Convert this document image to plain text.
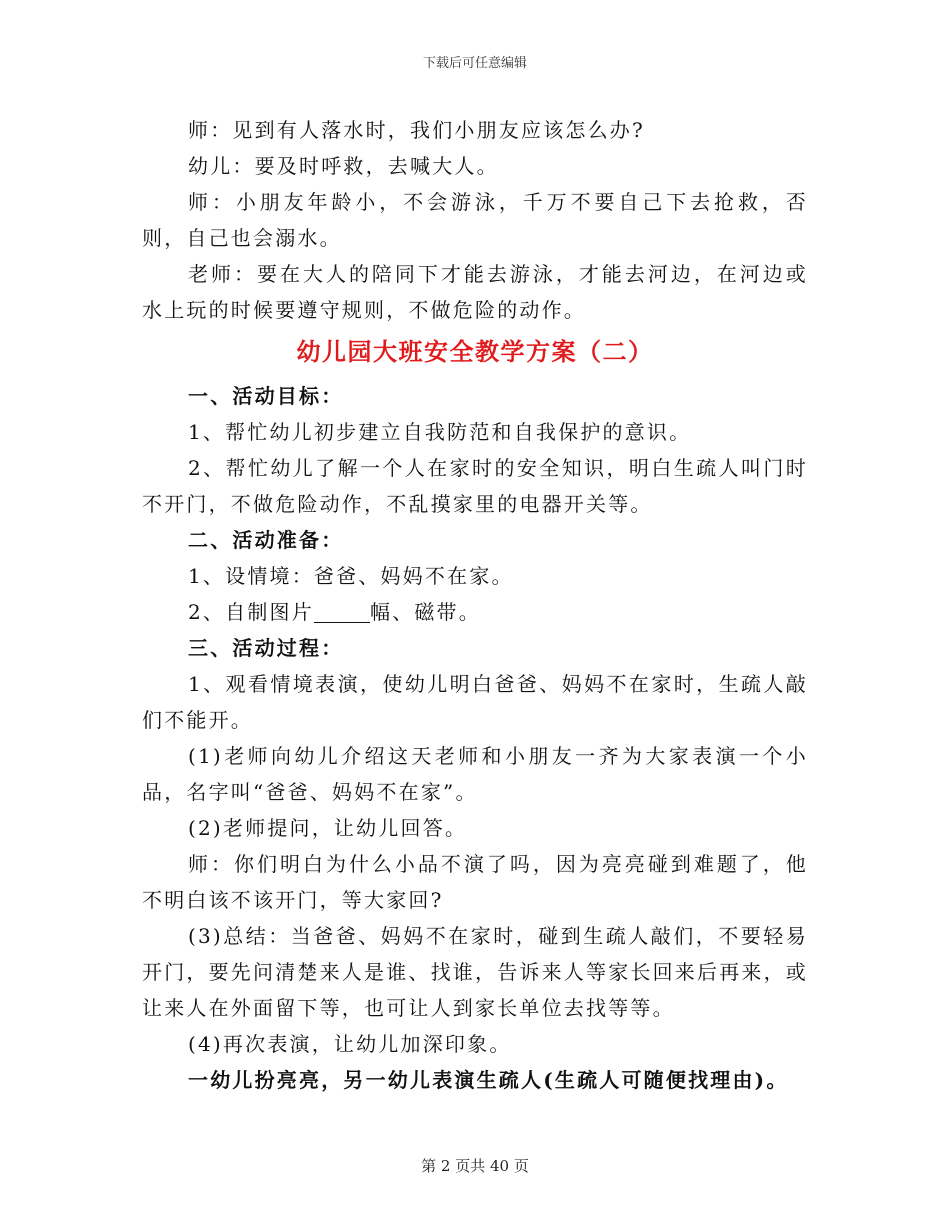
下载后可任意编辑

师：见到有人落水时，我们小朋友应该怎么办?

幼儿：要及时呼救，去喊大人。

师：小朋友年龄小，不会游泳，千万不要自己下去抢救，否则，自己也会溺水。

老师：要在大人的陪同下才能去游泳，才能去河边，在河边或水上玩的时候要遵守规则，不做危险的动作。

幼儿园大班安全教学方案（二）

一、活动目标：

1、帮忙幼儿初步建立自我防范和自我保护的意识。

2、帮忙幼儿了解一个人在家时的安全知识，明白生疏人叫门时不开门，不做危险动作，不乱摸家里的电器开关等。

二、活动准备：

1、设情境：爸爸、妈妈不在家。

2、自制图片	幅、磁带。

三、活动过程：

1、观看情境表演，使幼儿明白爸爸、妈妈不在家时，生疏人敲们不能开。

(1)老师向幼儿介绍这天老师和小朋友一齐为大家表演一个小品，名字叫“爸爸、妈妈不在家”。

(2)老师提问，让幼儿回答。

师：你们明白为什么小品不演了吗，因为亮亮碰到难题了，他不明白该不该开门，等大家回?

(3)总结：当爸爸、妈妈不在家时，碰到生疏人敲们，不要轻易开门，要先问清楚来人是谁、找谁，告诉来人等家长回来后再来，或让来人在外面留下等，也可让人到家长单位去找等等。

(4)再次表演，让幼儿加深印象。

一幼儿扮亮亮，另一幼儿表演生疏人(生疏人可随便找理由)。

第 2 页共 40 页
